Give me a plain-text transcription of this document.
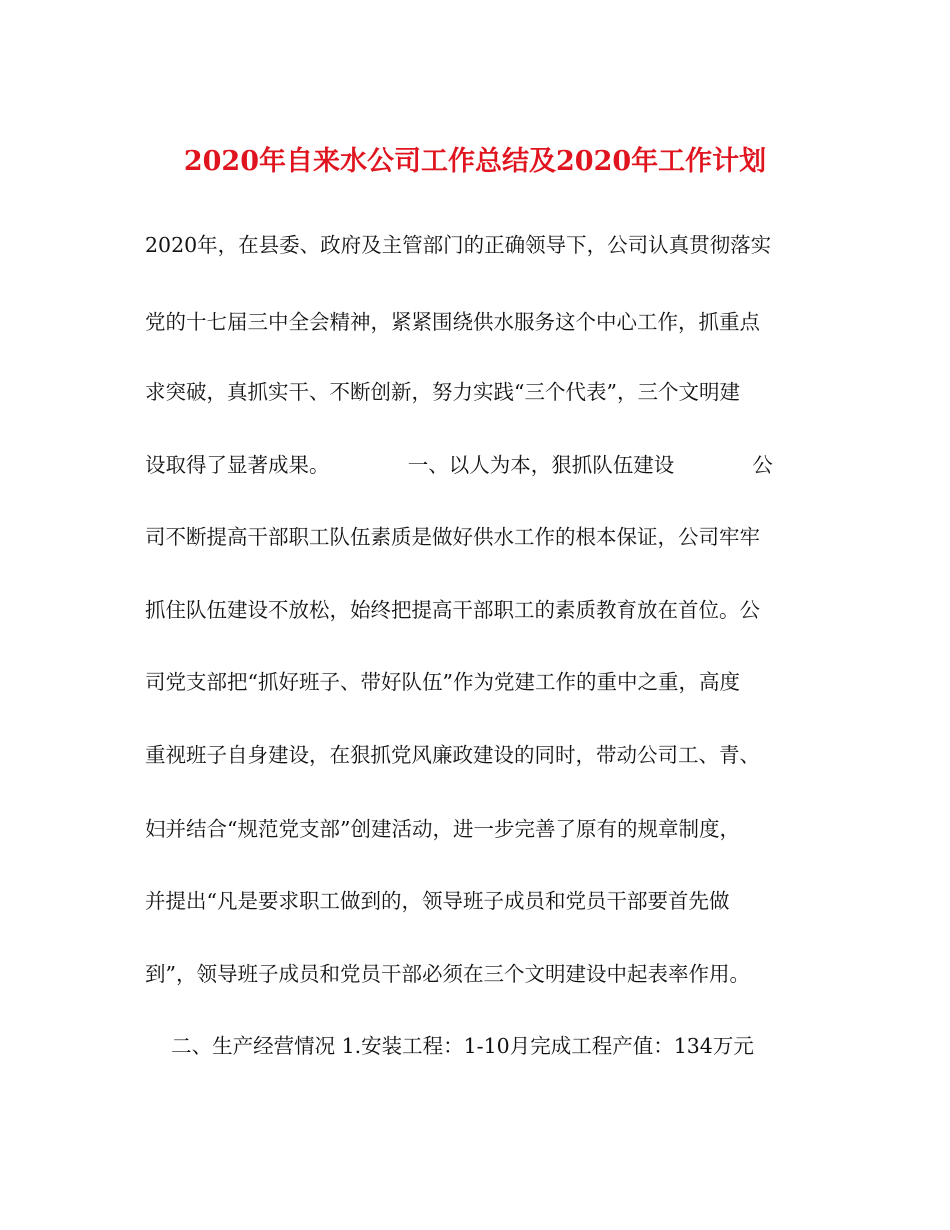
2020年自来水公司工作总结及2020年工作计划
2020年，在县委、政府及主管部门的正确领导下，公司认真贯彻落实
党的十七届三中全会精神，紧紧围绕供水服务这个中心工作，抓重点
求突破，真抓实干、不断创新，努力实践“三个代表”，三个文明建
设取得了显著成果。            一、以人为本，狠抓队伍建设            公
司不断提高干部职工队伍素质是做好供水工作的根本保证，公司牢牢
抓住队伍建设不放松，始终把提高干部职工的素质教育放在首位。公
司党支部把“抓好班子、带好队伍”作为党建工作的重中之重，高度
重视班子自身建设，在狠抓党风廉政建设的同时，带动公司工、青、
妇并结合“规范党支部”创建活动，进一步完善了原有的规章制度，
并提出“凡是要求职工做到的，领导班子成员和党员干部要首先做
到”，领导班子成员和党员干部必须在三个文明建设中起表率作用。
二、生产经营情况 1.安装工程：1-10月完成工程产值：134万元
